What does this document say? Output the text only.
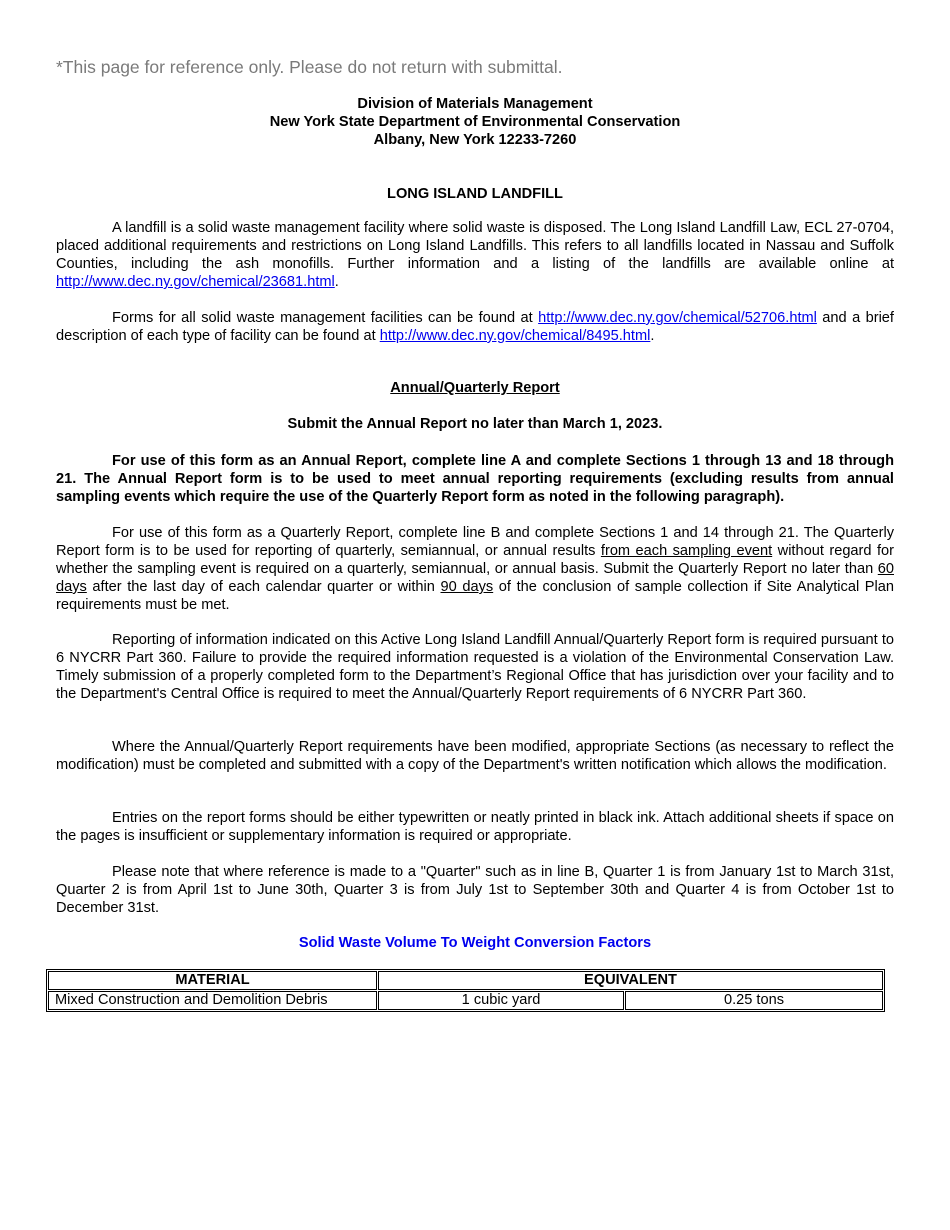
*This page for reference only. Please do not return with submittal.
Division of Materials Management
New York State Department of Environmental Conservation
Albany, New York 12233-7260
LONG ISLAND LANDFILL

A landfill is a solid waste management facility where solid waste is disposed. The Long Island Landfill Law, ECL 27-0704, placed additional requirements and restrictions on Long Island Landfills. This refers to all landfills located in Nassau and Suffolk Counties, including the ash monofills. Further information and a listing of the landfills are available online at http://www.dec.ny.gov/chemical/23681.html.

Forms for all solid waste management facilities can be found at http://www.dec.ny.gov/chemical/52706.html and a brief description of each type of facility can be found at http://www.dec.ny.gov/chemical/8495.html.

Annual/Quarterly Report
Submit the Annual Report no later than March 1, 2023.

For use of this form as an Annual Report, complete line A and complete Sections 1 through 13 and 18 through 21. The Annual Report form is to be used to meet annual reporting requirements (excluding results from annual sampling events which require the use of the Quarterly Report form as noted in the following paragraph).

For use of this form as a Quarterly Report, complete line B and complete Sections 1 and 14 through 21. The Quarterly Report form is to be used for reporting of quarterly, semiannual, or annual results from each sampling event without regard for whether the sampling event is required on a quarterly, semiannual, or annual basis. Submit the Quarterly Report no later than 60 days after the last day of each calendar quarter or within 90 days of the conclusion of sample collection if Site Analytical Plan requirements must be met.

Reporting of information indicated on this Active Long Island Landfill Annual/Quarterly Report form is required pursuant to 6 NYCRR Part 360. Failure to provide the required information requested is a violation of the Environmental Conservation Law. Timely submission of a properly completed form to the Department’s Regional Office that has jurisdiction over your facility and to the Department's Central Office is required to meet the Annual/Quarterly Report requirements of 6 NYCRR Part 360.

Where the Annual/Quarterly Report requirements have been modified, appropriate Sections (as necessary to reflect the modification) must be completed and submitted with a copy of the Department's written notification which allows the modification.

Entries on the report forms should be either typewritten or neatly printed in black ink. Attach additional sheets if space on the pages is insufficient or supplementary information is required or appropriate.

Please note that where reference is made to a "Quarter" such as in line B, Quarter 1 is from January 1st to March 31st, Quarter 2 is from April 1st to June 30th, Quarter 3 is from July 1st to September 30th and Quarter 4 is from October 1st to December 31st.

Solid Waste Volume To Weight Conversion Factors
MATERIAL	EQUIVALENT	
Mixed Construction and Demolition Debris	1 cubic yard	0.25 tons
